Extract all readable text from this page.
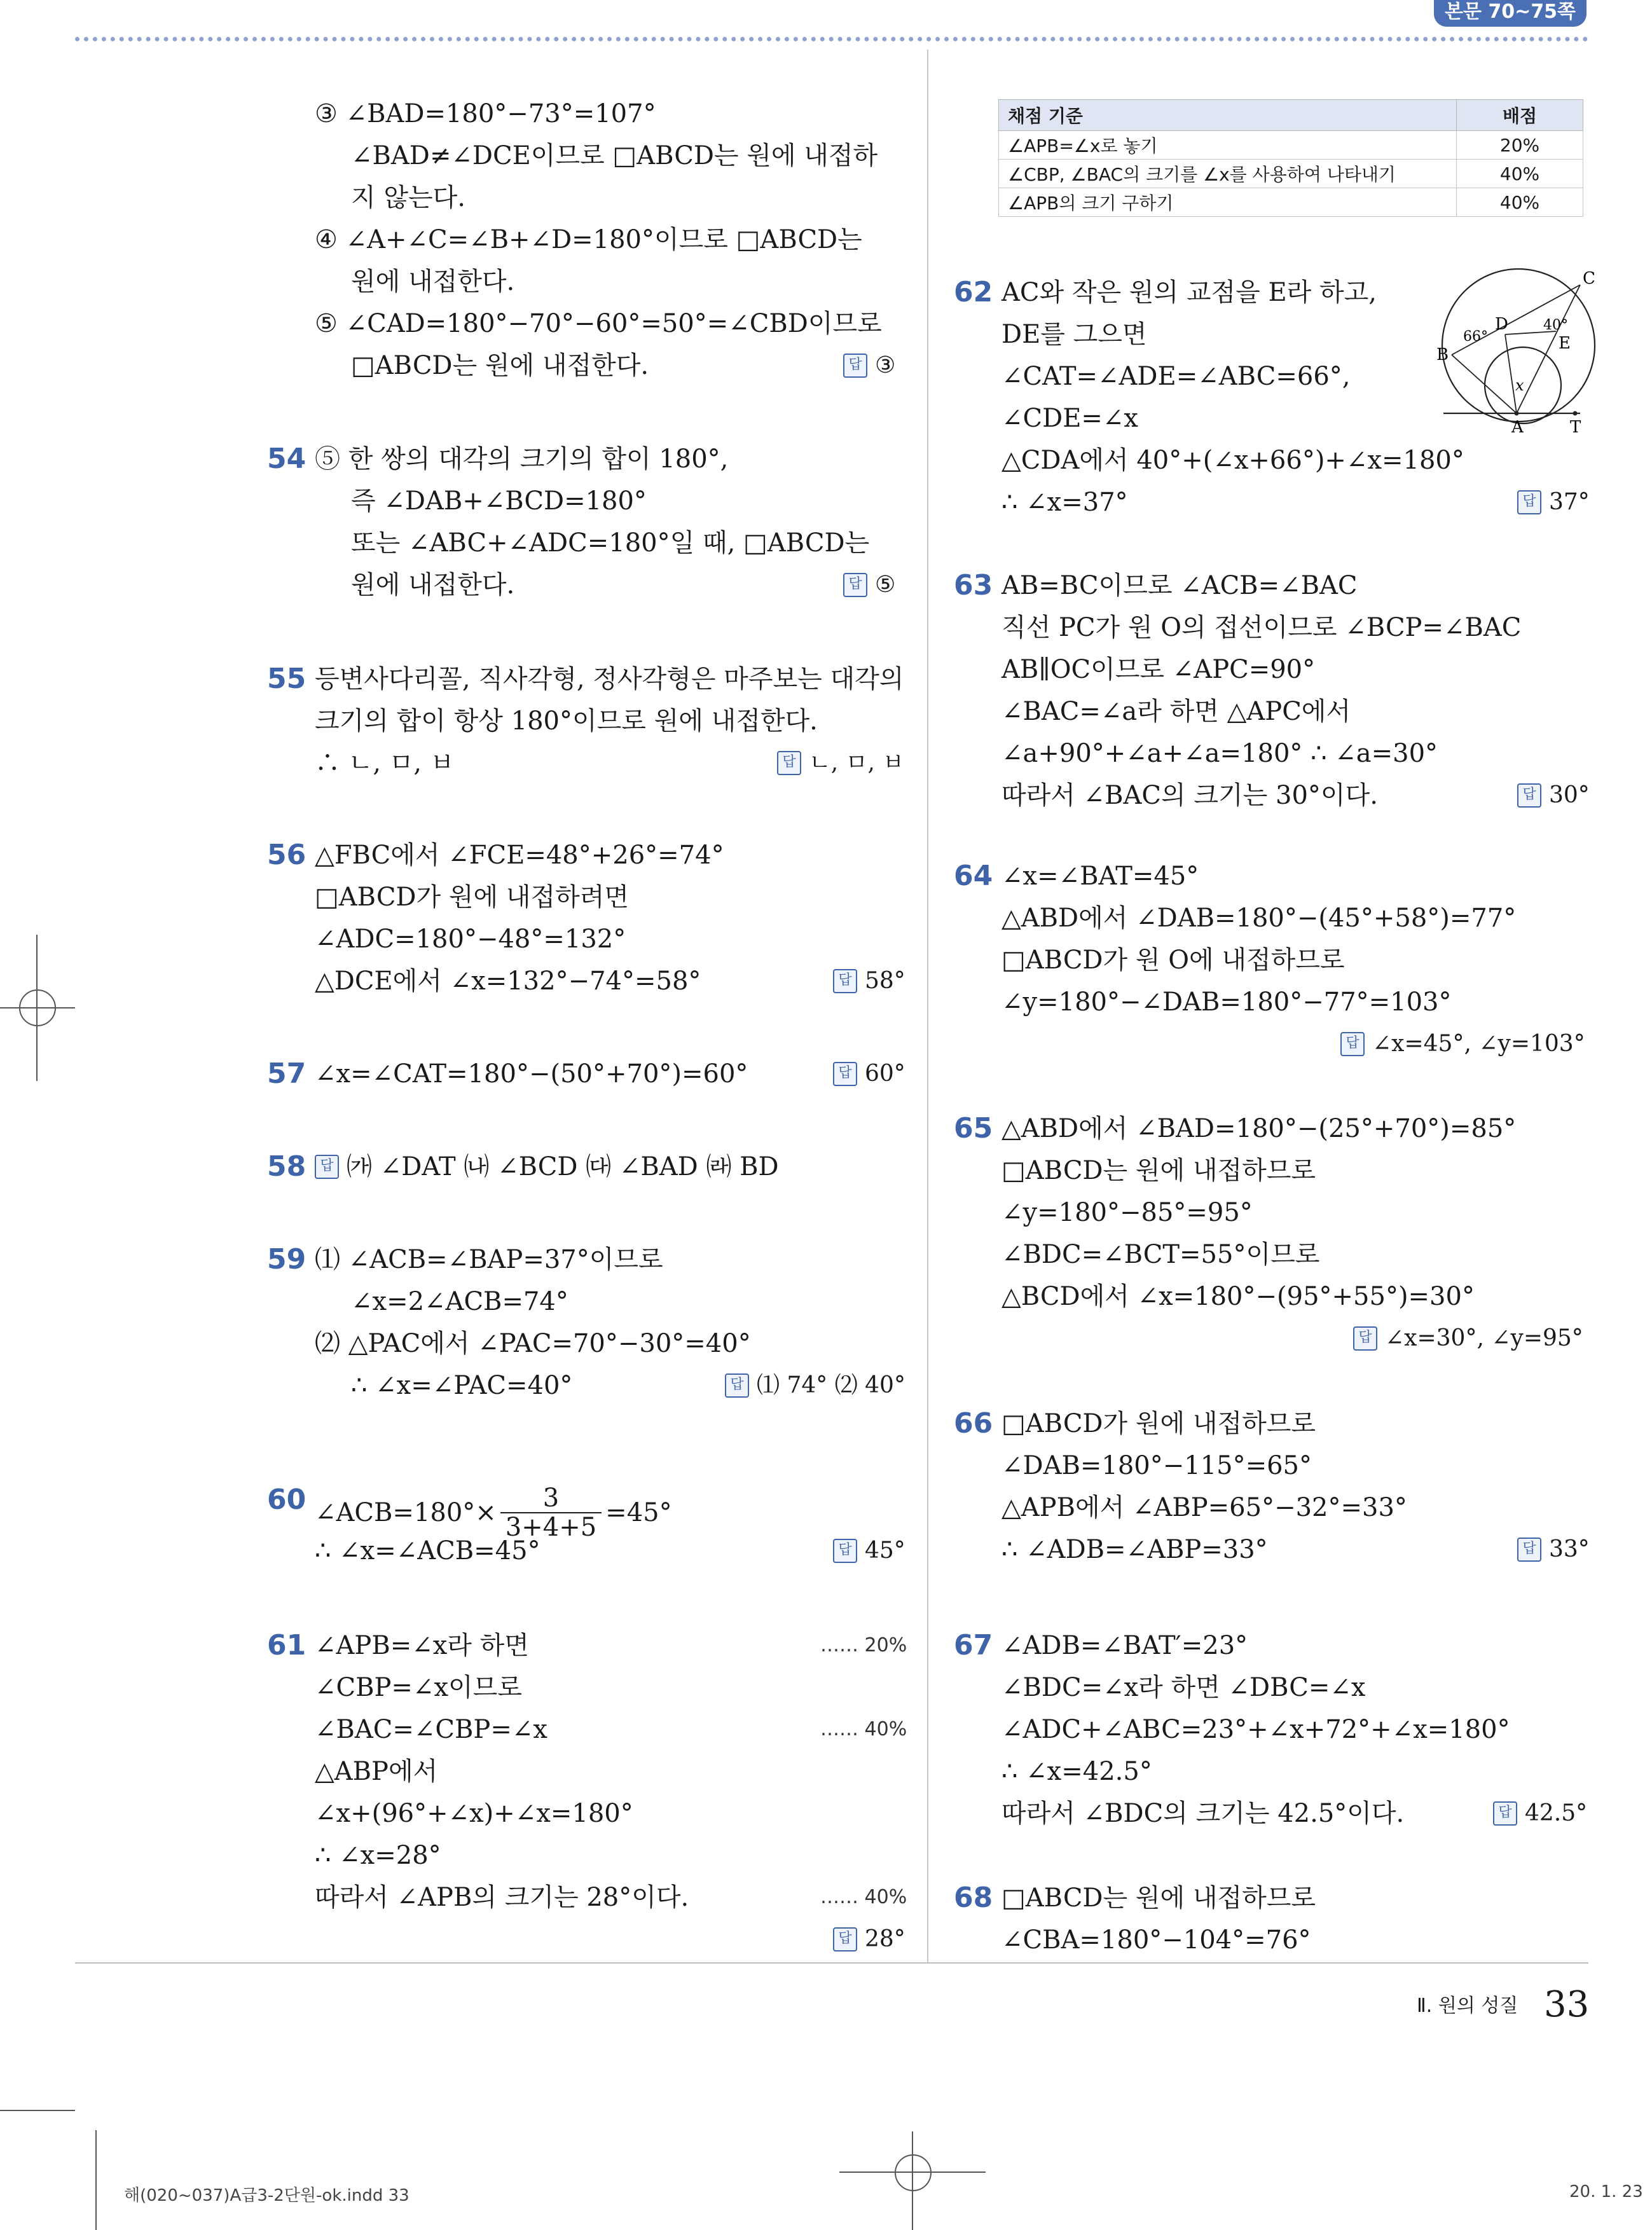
본문 70~75쪽
③ ∠BAD=180°−73°=107°
∠BAD≠∠DCE이므로 □ABCD는 원에 내접하
지 않는다.
④ ∠A+∠C=∠B+∠D=180°이므로 □ABCD는
원에 내접한다.
⑤ ∠CAD=180°−70°−60°=50°=∠CBD이므로
□ABCD는 원에 내접한다.	답 ③
54 ⑤ 한 쌍의 대각의 크기의 합이 180°,
즉 ∠DAB+∠BCD=180°
또는 ∠ABC+∠ADC=180°일 때, □ABCD는
원에 내접한다.	답 ⑤
55 등변사다리꼴, 직사각형, 정사각형은 마주보는 대각의
크기의 합이 항상 180°이므로 원에 내접한다.
∴ ㄴ, ㅁ, ㅂ	답 ㄴ, ㅁ, ㅂ
56 △FBC에서 ∠FCE=48°+26°=74°
□ABCD가 원에 내접하려면
∠ADC=180°−48°=132°
△DCE에서 ∠x=132°−74°=58°	답 58°
57 ∠x=∠CAT=180°−(50°+70°)=60°	답 60°
58	답 ㈎ ∠DAT ㈏ ∠BCD ㈐ ∠BAD ㈑ BD
59 ⑴ ∠ACB=∠BAP=37°이므로
∠x=2∠ACB=74°
⑵ △PAC에서 ∠PAC=70°−30°=40°
∴ ∠x=∠PAC=40°	답 ⑴ 74° ⑵ 40°
60 ∠ACB=180°× $\frac{3}{3+4+5} =45^\circ$
∴ ∠x=∠ACB=45°	답 45°
61 ∠APB=∠x라 하면	…… 20%
∠CBP=∠x이므로
∠BAC=∠CBP=∠x	…… 40%
△ABP에서
∠x+(96°+∠x)+∠x=180°
∴ ∠x=28°
따라서 ∠APB의 크기는 28°이다.	…… 40%
답 28°
채점 기준	배점
∠APB=∠x로 놓기	20%
∠CBP, ∠BAC의 크기를 ∠x를 사용하여 나타내기	40%
∠APB의 크기 구하기	40%
62 AC와 작은 원의 교점을 E라 하고,
DE를 그으면
∠CAT=∠ADE=∠ABC=66°,
∠CDE=∠x
△CDA에서 40°+(∠x+66°)+∠x=180°
∴ ∠x=37°	답 37°
C
D	40°
66°	E
B
x
A	T
63 AB=BC이므로 ∠ACB=∠BAC
직선 PC가 원 O의 접선이므로 ∠BCP=∠BAC
AB∥OC이므로 ∠APC=90°
∠BAC=∠a라 하면 △APC에서
∠a+90°+∠a+∠a=180° ∴ ∠a=30°
따라서 ∠BAC의 크기는 30°이다.	답 30°
64 ∠x=∠BAT=45°
△ABD에서 ∠DAB=180°−(45°+58°)=77°
□ABCD가 원 O에 내접하므로
∠y=180°−∠DAB=180°−77°=103°
답 ∠x=45°, ∠y=103°
65 △ABD에서 ∠BAD=180°−(25°+70°)=85°
□ABCD는 원에 내접하므로
∠y=180°−85°=95°
∠BDC=∠BCT=55°이므로
△BCD에서 ∠x=180°−(95°+55°)=30°
답 ∠x=30°, ∠y=95°
66 □ABCD가 원에 내접하므로
∠DAB=180°−115°=65°
△APB에서 ∠ABP=65°−32°=33°
∴ ∠ADB=∠ABP=33°	답 33°
67 ∠ADB=∠BAT′=23°
∠BDC=∠x라 하면 ∠DBC=∠x
∠ADC+∠ABC=23°+∠x+72°+∠x=180°
∴ ∠x=42.5°
따라서 ∠BDC의 크기는 42.5°이다.	답 42.5°
68 □ABCD는 원에 내접하므로
∠CBA=180°−104°=76°
Ⅱ. 원의 성질 33
해(020~037)A급3-2단원-ok.indd 33	20. 1. 23
